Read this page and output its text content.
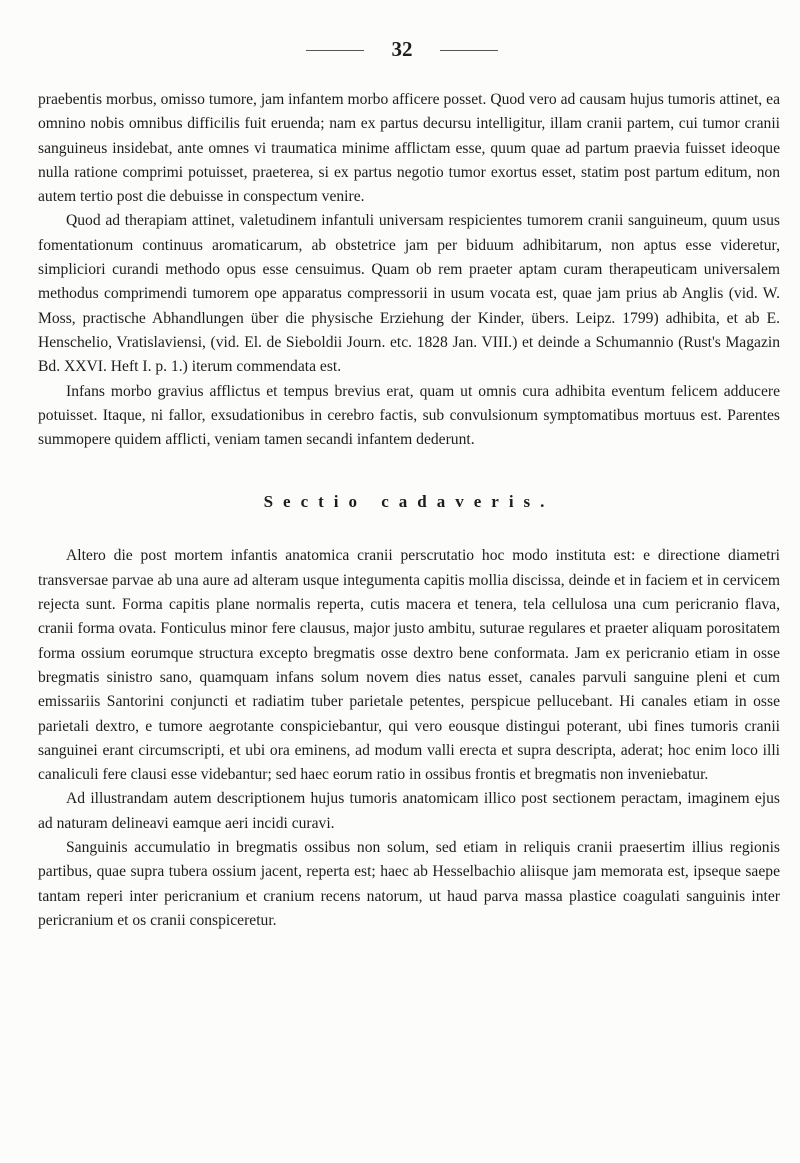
32

praebentis morbus, omisso tumore, jam infantem morbo afficere posset. Quod vero ad causam hujus tumoris attinet, ea omnino nobis omnibus difficilis fuit eruenda; nam ex partus decursu intelligitur, illam cranii partem, cui tumor cranii sanguineus insidebat, ante omnes vi traumatica minime afflictam esse, quum quae ad partum praevia fuisset ideoque nulla ratione comprimi potuisset, praeterea, si ex partus negotio tumor exortus esset, statim post partum editum, non autem tertio post die debuisse in conspectum venire.

Quod ad therapiam attinet, valetudinem infantuli universam respicientes tumorem cranii sanguineum, quum usus fomentationum continuus aromaticarum, ab obstetrice jam per biduum adhibitarum, non aptus esse videretur, simpliciori curandi methodo opus esse censuimus. Quam ob rem praeter aptam curam therapeuticam universalem methodus comprimendi tumorem ope apparatus compressorii in usum vocata est, quae jam prius ab Anglis (vid. W. Moss, practische Abhandlungen über die physische Erziehung der Kinder, übers. Leipz. 1799) adhibita, et ab E. Henschelio, Vratislaviensi, (vid. El. de Sieboldii Journ. etc. 1828 Jan. VIII.) et deinde a Schumannio (Rust's Magazin Bd. XXVI. Heft I. p. 1.) iterum commendata est.

Infans morbo gravius afflictus et tempus brevius erat, quam ut omnis cura adhibita eventum felicem adducere potuisset. Itaque, ni fallor, exsudationibus in cerebro factis, sub convulsionum symptomatibus mortuus est. Parentes summopere quidem afflicti, veniam tamen secandi infantem dederunt.

Sectio cadaveris.

Altero die post mortem infantis anatomica cranii perscrutatio hoc modo instituta est: e directione diametri transversae parvae ab una aure ad alteram usque integumenta capitis mollia discissa, deinde et in faciem et in cervicem rejecta sunt. Forma capitis plane normalis reperta, cutis macera et tenera, tela cellulosa una cum pericranio flava, cranii forma ovata. Fonticulus minor fere clausus, major justo ambitu, suturae regulares et praeter aliquam porositatem forma ossium eorumque structura excepto bregmatis osse dextro bene conformata. Jam ex pericranio etiam in osse bregmatis sinistro sano, quamquam infans solum novem dies natus esset, canales parvuli sanguine pleni et cum emissariis Santorini conjuncti et radiatim tuber parietale petentes, perspicue pellucebant. Hi canales etiam in osse parietali dextro, e tumore aegrotante conspiciebantur, qui vero eousque distingui poterant, ubi fines tumoris cranii sanguinei erant circumscripti, et ubi ora eminens, ad modum valli erecta et supra descripta, aderat; hoc enim loco illi canaliculi fere clausi esse videbantur; sed haec eorum ratio in ossibus frontis et bregmatis non inveniebatur.

Ad illustrandam autem descriptionem hujus tumoris anatomicam illico post sectionem peractam, imaginem ejus ad naturam delineavi eamque aeri incidi curavi.

Sanguinis accumulatio in bregmatis ossibus non solum, sed etiam in reliquis cranii praesertim illius regionis partibus, quae supra tubera ossium jacent, reperta est; haec ab Hesselbachio aliisque jam memorata est, ipseque saepe tantam reperi inter pericranium et cranium recens natorum, ut haud parva massa plastice coagulati sanguinis inter pericranium et os cranii conspiceretur.
